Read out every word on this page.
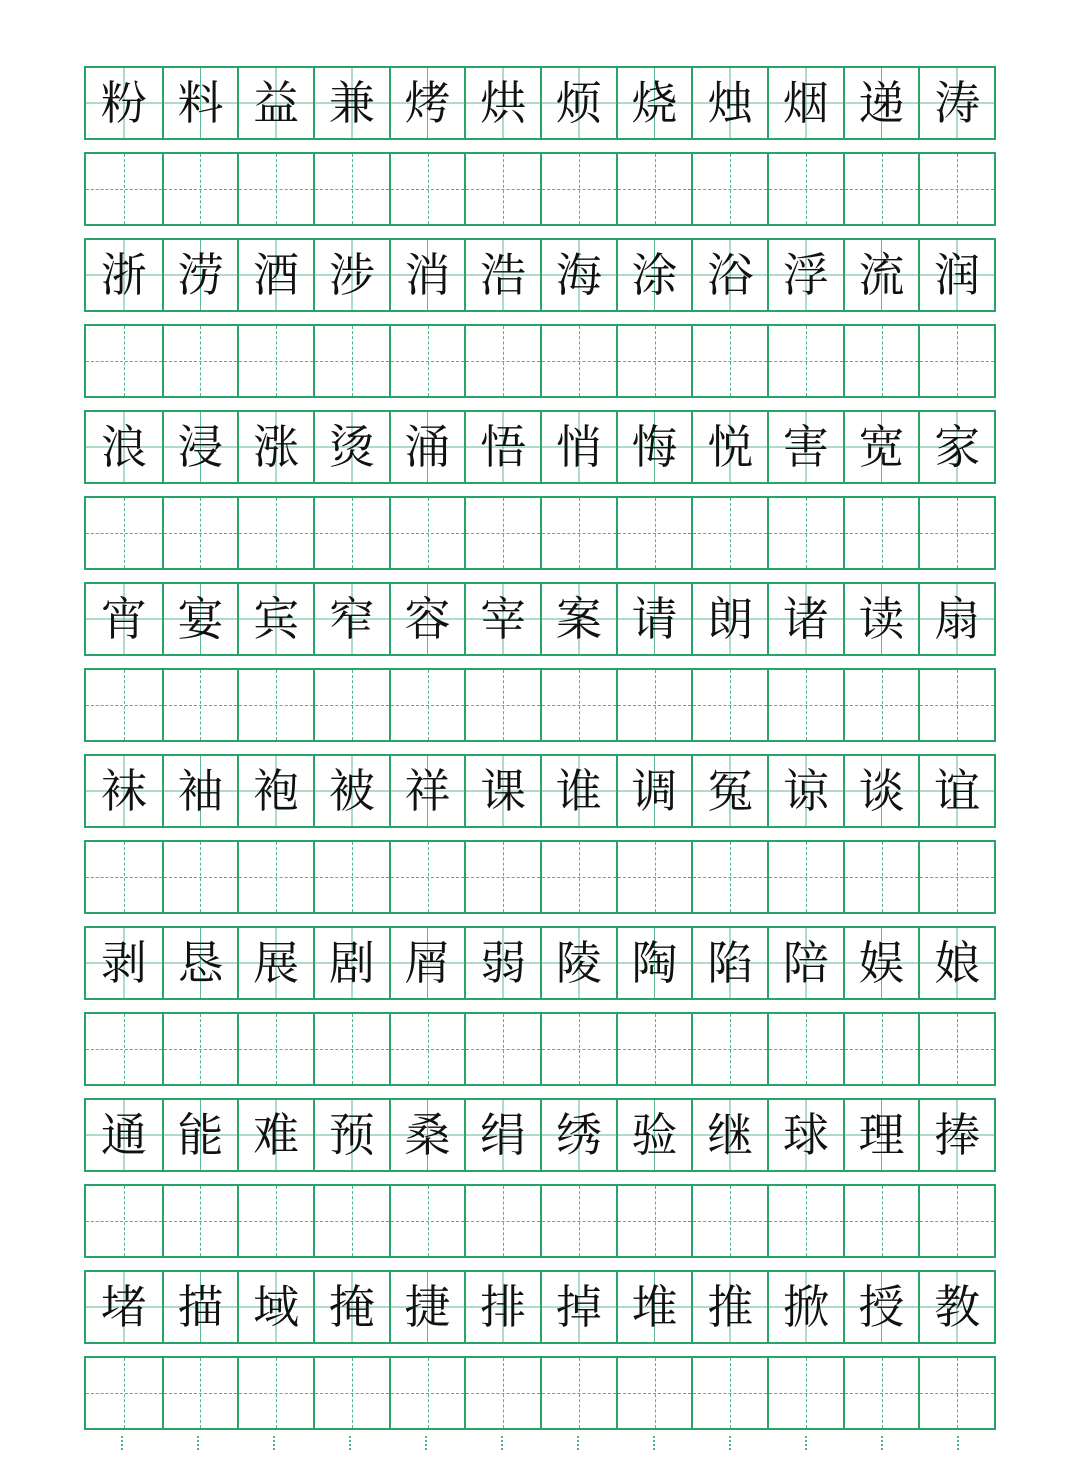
粉 料 益 兼 烤 烘 烦 烧 烛 烟 递 涛
浙 涝 酒 涉 消 浩 海 涂 浴 浮 流 润
浪 浸 涨 烫 涌 悟 悄 悔 悦 害 宽 家
宵 宴 宾 窄 容 宰 案 请 朗 诸 读 扇
袜 袖 袍 被 祥 课 谁 调 冤 谅 谈 谊
剥 恳 展 剧 屑 弱 陵 陶 陷 陪 娱 娘
通 能 难 预 桑 绢 绣 验 继 球 理 捧
堵 描 域 掩 捷 排 掉 堆 推 掀 授 教
